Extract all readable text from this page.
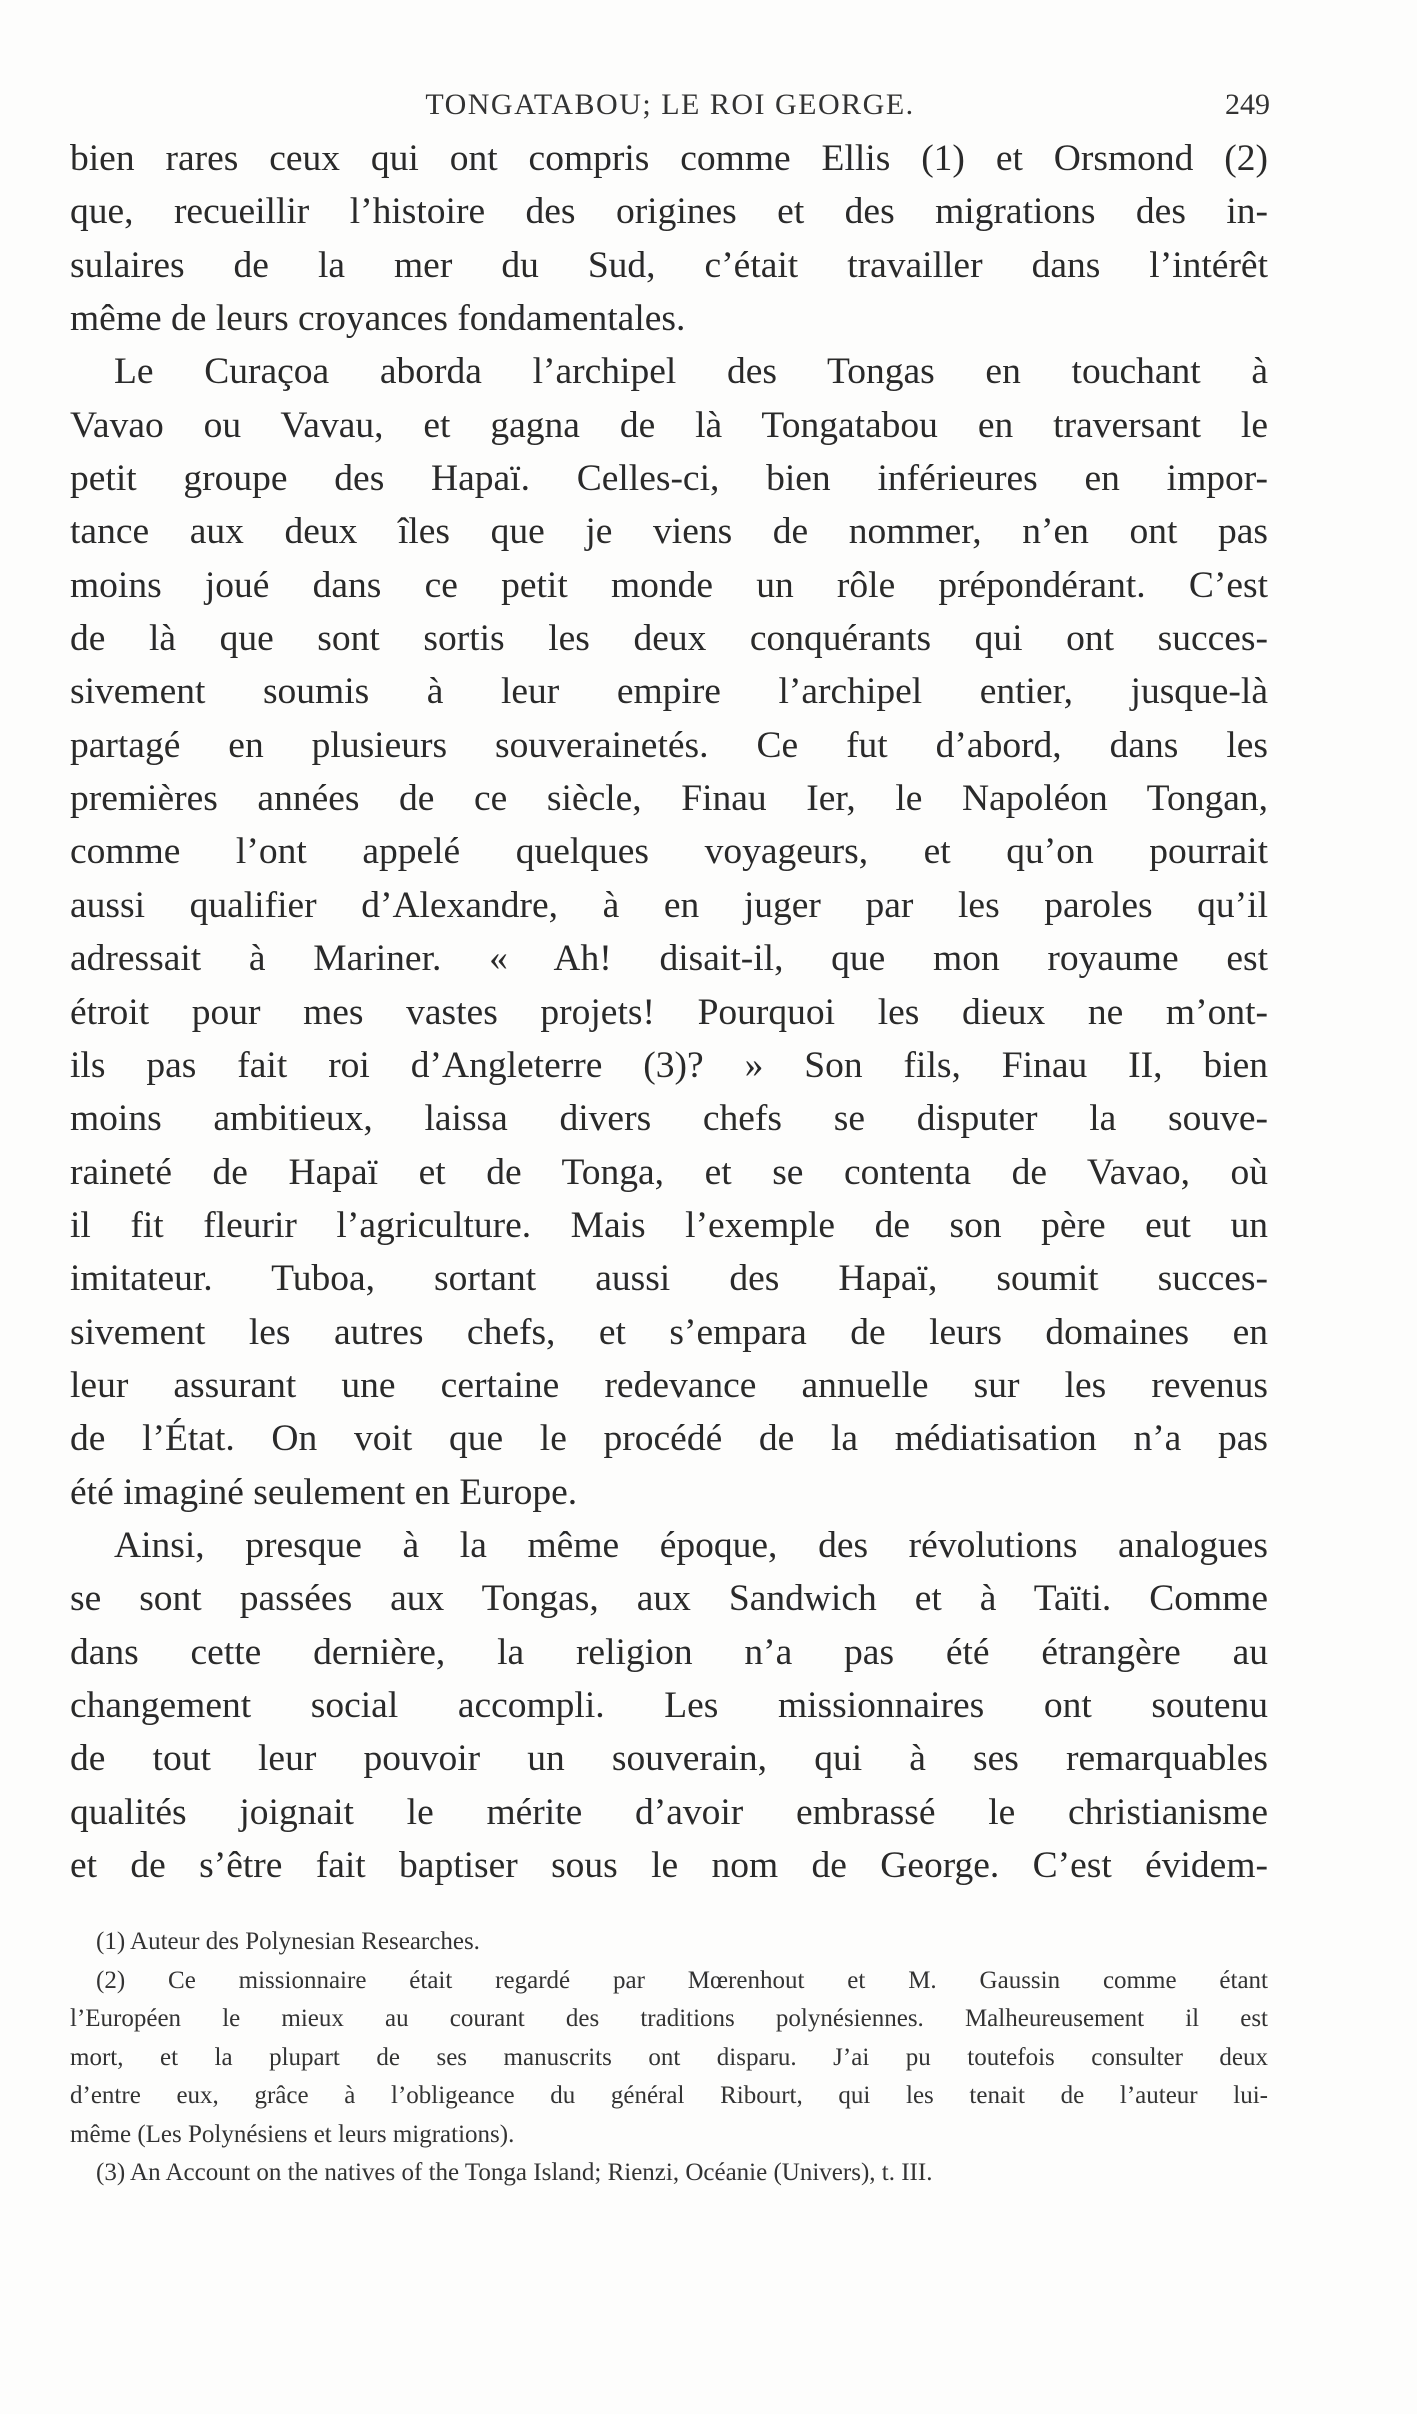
TONGATABOU; LE ROI GEORGE.	249
bien rares ceux qui ont compris comme Ellis (1) et Orsmond (2)
que, recueillir l’histoire des origines et des migrations des in-
sulaires de la mer du Sud, c’était travailler dans l’intérêt
même de leurs croyances fondamentales.
Le Curaçoa aborda l’archipel des Tongas en touchant à
Vavao ou Vavau, et gagna de là Tongatabou en traversant le
petit groupe des Hapaï. Celles-ci, bien inférieures en impor-
tance aux deux îles que je viens de nommer, n’en ont pas
moins joué dans ce petit monde un rôle prépondérant. C’est
de là que sont sortis les deux conquérants qui ont succes-
sivement soumis à leur empire l’archipel entier, jusque-là
partagé en plusieurs souverainetés. Ce fut d’abord, dans les
premières années de ce siècle, Finau Ier, le Napoléon Tongan,
comme l’ont appelé quelques voyageurs, et qu’on pourrait
aussi qualifier d’Alexandre, à en juger par les paroles qu’il
adressait à Mariner. « Ah! disait-il, que mon royaume est
étroit pour mes vastes projets! Pourquoi les dieux ne m’ont-
ils pas fait roi d’Angleterre (3)? » Son fils, Finau II, bien
moins ambitieux, laissa divers chefs se disputer la souve-
raineté de Hapaï et de Tonga, et se contenta de Vavao, où
il fit fleurir l’agriculture. Mais l’exemple de son père eut un
imitateur. Tuboa, sortant aussi des Hapaï, soumit succes-
sivement les autres chefs, et s’empara de leurs domaines en
leur assurant une certaine redevance annuelle sur les revenus
de l’État. On voit que le procédé de la médiatisation n’a pas
été imaginé seulement en Europe.
Ainsi, presque à la même époque, des révolutions analogues
se sont passées aux Tongas, aux Sandwich et à Taïti. Comme
dans cette dernière, la religion n’a pas été étrangère au
changement social accompli. Les missionnaires ont soutenu
de tout leur pouvoir un souverain, qui à ses remarquables
qualités joignait le mérite d’avoir embrassé le christianisme
et de s’être fait baptiser sous le nom de George. C’est évidem-
(1) Auteur des Polynesian Researches.
(2) Ce missionnaire était regardé par Mœrenhout et M. Gaussin comme étant
l’Européen le mieux au courant des traditions polynésiennes. Malheureusement il est
mort, et la plupart de ses manuscrits ont disparu. J’ai pu toutefois consulter deux
d’entre eux, grâce à l’obligeance du général Ribourt, qui les tenait de l’auteur lui-
même (Les Polynésiens et leurs migrations).
(3) An Account on the natives of the Tonga Island; Rienzi, Océanie (Univers), t. III.
